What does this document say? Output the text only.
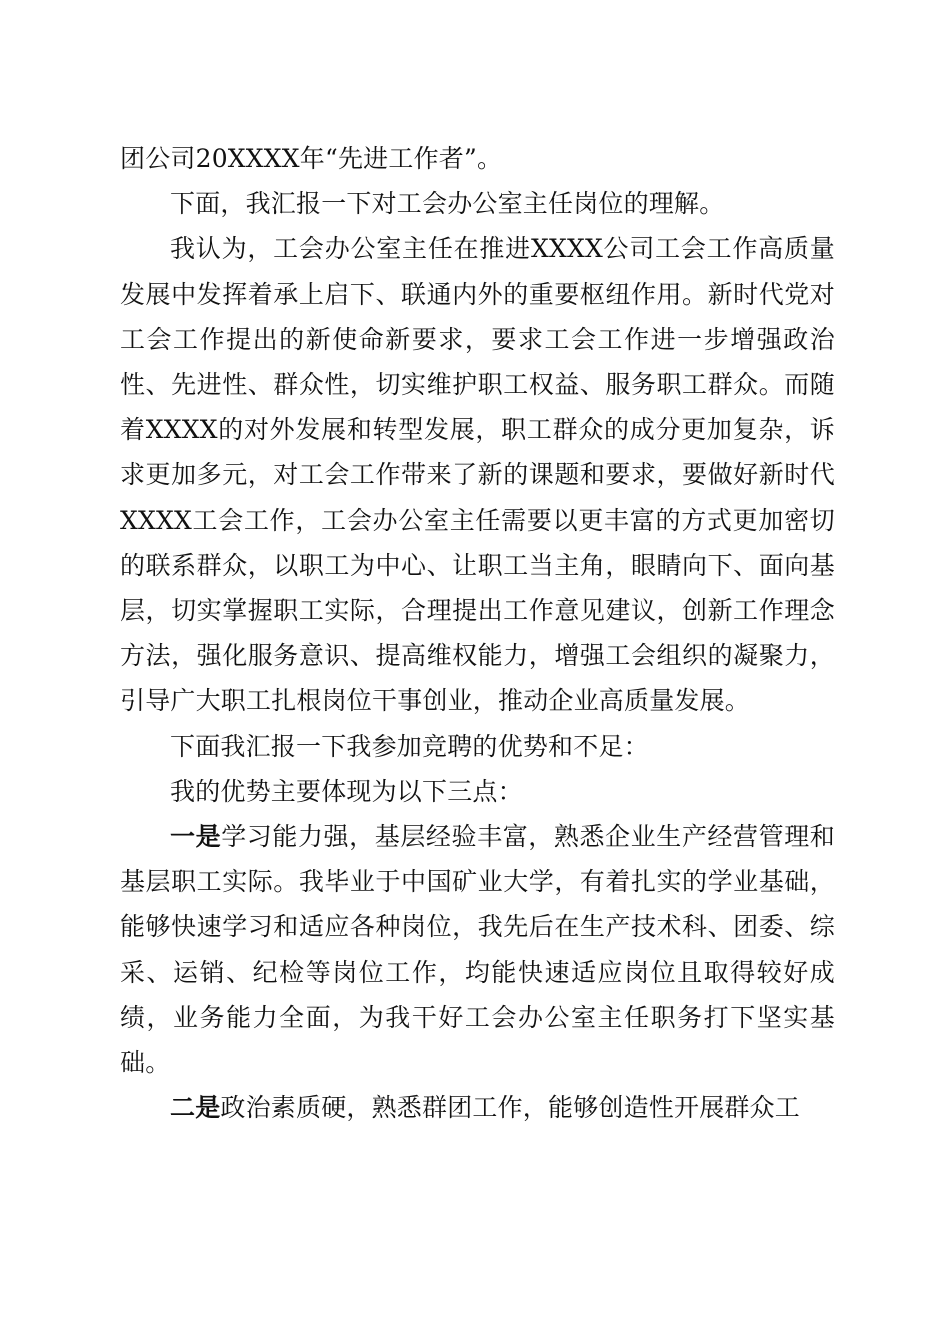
团公司20XXXX年“先进工作者”。

下面，我汇报一下对工会办公室主任岗位的理解。

我认为，工会办公室主任在推进XXXX公司工会工作高质量发展中发挥着承上启下、联通内外的重要枢纽作用。新时代党对工会工作提出的新使命新要求，要求工会工作进一步增强政治性、先进性、群众性，切实维护职工权益、服务职工群众。而随着XXXX的对外发展和转型发展，职工群众的成分更加复杂，诉求更加多元，对工会工作带来了新的课题和要求，要做好新时代XXXX工会工作，工会办公室主任需要以更丰富的方式更加密切的联系群众，以职工为中心、让职工当主角，眼睛向下、面向基层，切实掌握职工实际，合理提出工作意见建议，创新工作理念方法，强化服务意识、提高维权能力，增强工会组织的凝聚力，引导广大职工扎根岗位干事创业，推动企业高质量发展。

下面我汇报一下我参加竞聘的优势和不足：

我的优势主要体现为以下三点：

一是学习能力强，基层经验丰富，熟悉企业生产经营管理和基层职工实际。我毕业于中国矿业大学，有着扎实的学业基础，能够快速学习和适应各种岗位，我先后在生产技术科、团委、综采、运销、纪检等岗位工作，均能快速适应岗位且取得较好成绩，业务能力全面，为我干好工会办公室主任职务打下坚实基础。

二是政治素质硬，熟悉群团工作，能够创造性开展群众工
